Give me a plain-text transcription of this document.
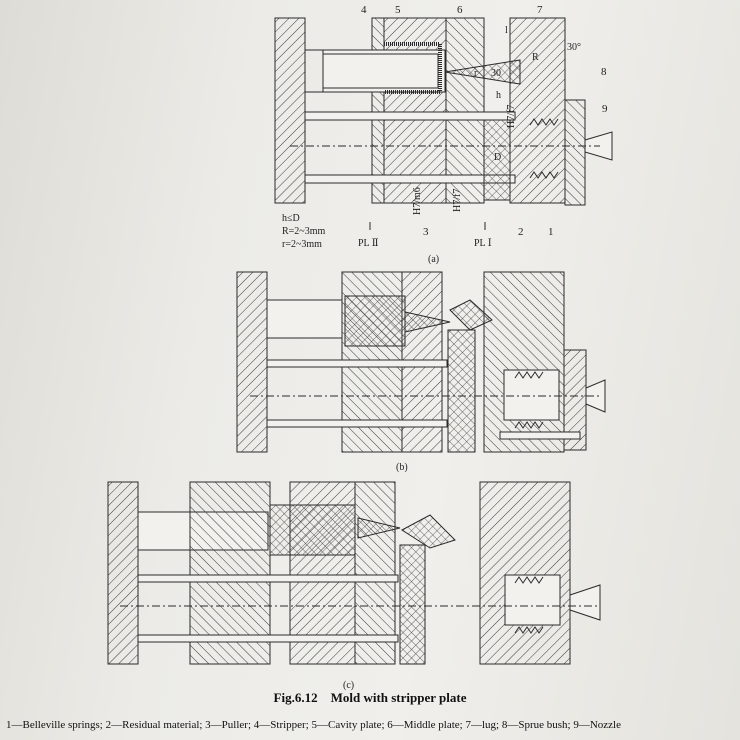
4	5	6	7
8
9
3	2 1
30°
30
R
r
l
h
D
H7/f7
H7/f7
H7/m6
h≤D
R=2~3mm
r=2~3mm	PL Ⅱ	PL Ⅰ
(a)
(b)
(c)
Fig.6.12 Mold with stripper plate
1—Belleville springs; 2—Residual material; 3—Puller; 4—Stripper; 5—Cavity plate; 6—Middle plate; 7—lug; 8—Sprue bush; 9—Nozzle
